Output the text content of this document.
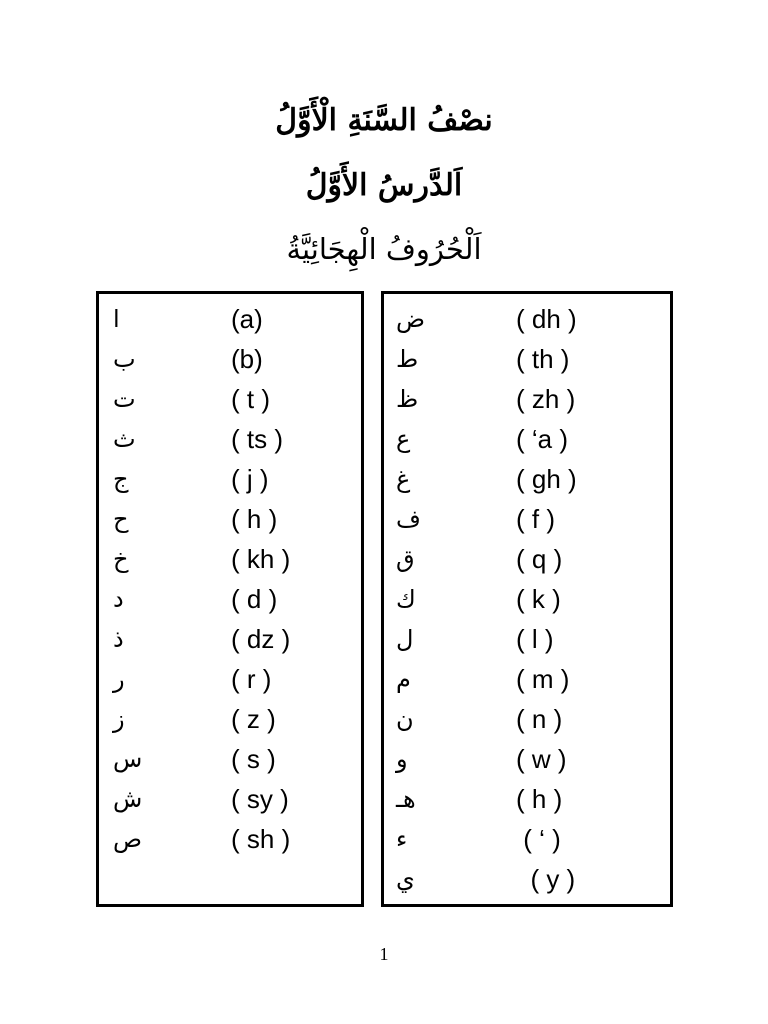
نصْفُ السَّنَةِ الْأَوَّلُ
اَلدَّرسُ الأَوَّلُ
اَلْحُرُوفُ الْهِجَائِيَّةُ
ا	(a)
ب	(b)
ت	( t )
ث	( ts )
ج	( j )
ح	( h )
خ	( kh )
د	( d )
ذ	( dz )
ر	( r )
ز	( z )
س	( s )
ش	( sy )
ص	( sh )
ض	( dh )
ط	( th )
ظ	( zh )
ع	( ‘a )
غ	( gh )
ف	( f )
ق	( q )
ك	( k )
ل	( l )
م	( m )
ن	( n )
و	( w )
هـ	( h )
ء	( ‘ )
ي	( y )
1
